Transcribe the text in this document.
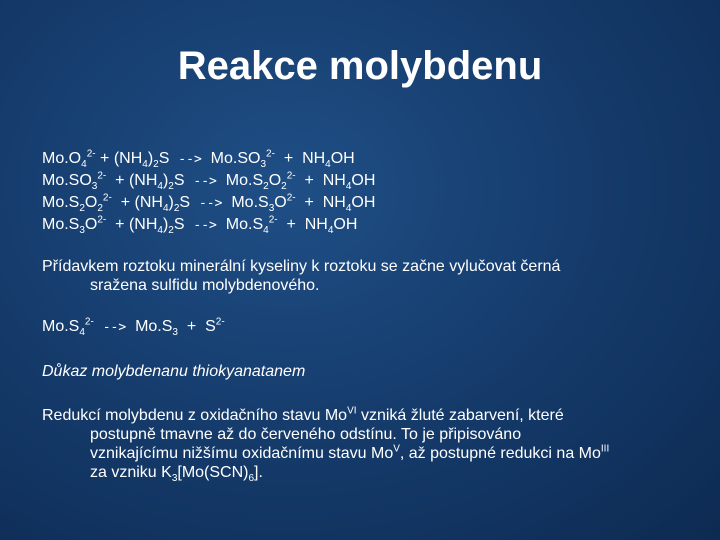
Reakce molybdenu
$Mo.O_4^{2-} + (NH_4)_2S$ --> $Mo.SO_3^{2-} + NH_4OH$
$Mo.SO_3^{2-} + (NH_4)_2S$ --> $Mo.S_2O_2^{2-} + NH_4OH$
$Mo.S_2O_2^{2-} + (NH_4)_2S$ --> $Mo.S_3O^{2-} + NH_4OH$
$Mo.S_3O^{2-} + (NH_4)_2S$ --> $Mo.S_4^{2-} + NH_4OH$
Přídavkem roztoku minerální kyseliny k roztoku se začne vylučovat černá
sražena sulfidu molybdenového.
$Mo.S_4^{2-}$ --> $Mo.S_3 + S^{2-}$
Důkaz molybdenanu thiokyanatanem
Redukcí molybdenu z oxidačního stavu $Mo^{VI}$ vzniká žluté zabarvení, které
postupně tmavne až do červeného odstínu. To je připisováno
vznikajícímu nižšímu oxidačnímu stavu $Mo^V$, až postupné redukci na $Mo^{III}$
za vzniku $K_3[Mo(SCN)_6]$.
